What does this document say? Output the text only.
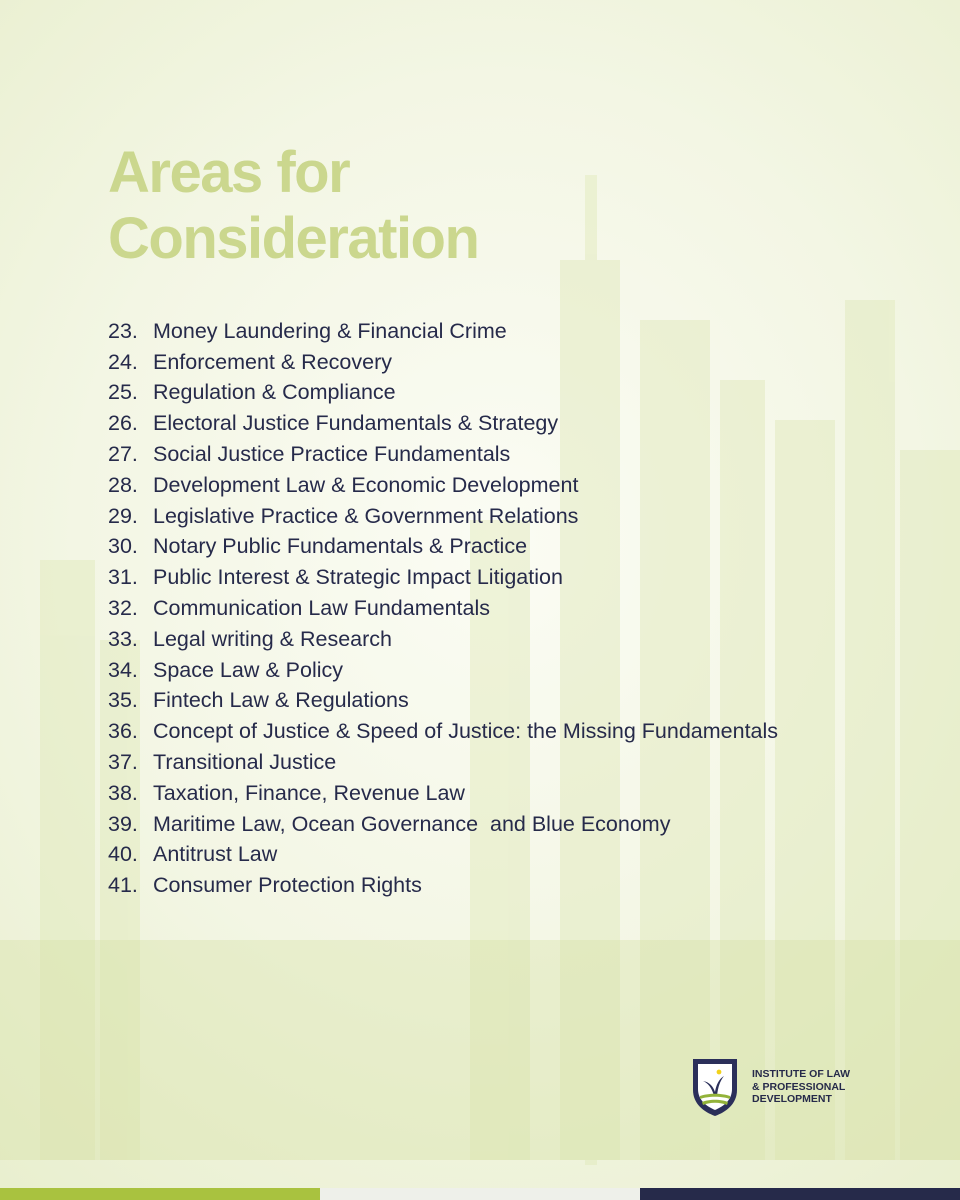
Areas for
Consideration
23. Money Laundering & Financial Crime
24. Enforcement & Recovery
25. Regulation & Compliance
26. Electoral Justice Fundamentals & Strategy
27. Social Justice Practice Fundamentals
28. Development Law & Economic Development
29. Legislative Practice & Government Relations
30. Notary Public Fundamentals & Practice
31. Public Interest & Strategic Impact Litigation
32. Communication Law Fundamentals
33. Legal writing & Research
34. Space Law & Policy
35. Fintech Law & Regulations
36. Concept of Justice & Speed of Justice: the Missing Fundamentals
37. Transitional Justice
38. Taxation, Finance, Revenue Law
39. Maritime Law, Ocean Governance  and Blue Economy
40. Antitrust Law
41. Consumer Protection Rights
INSTITUTE OF LAW
& PROFESSIONAL
DEVELOPMENT
